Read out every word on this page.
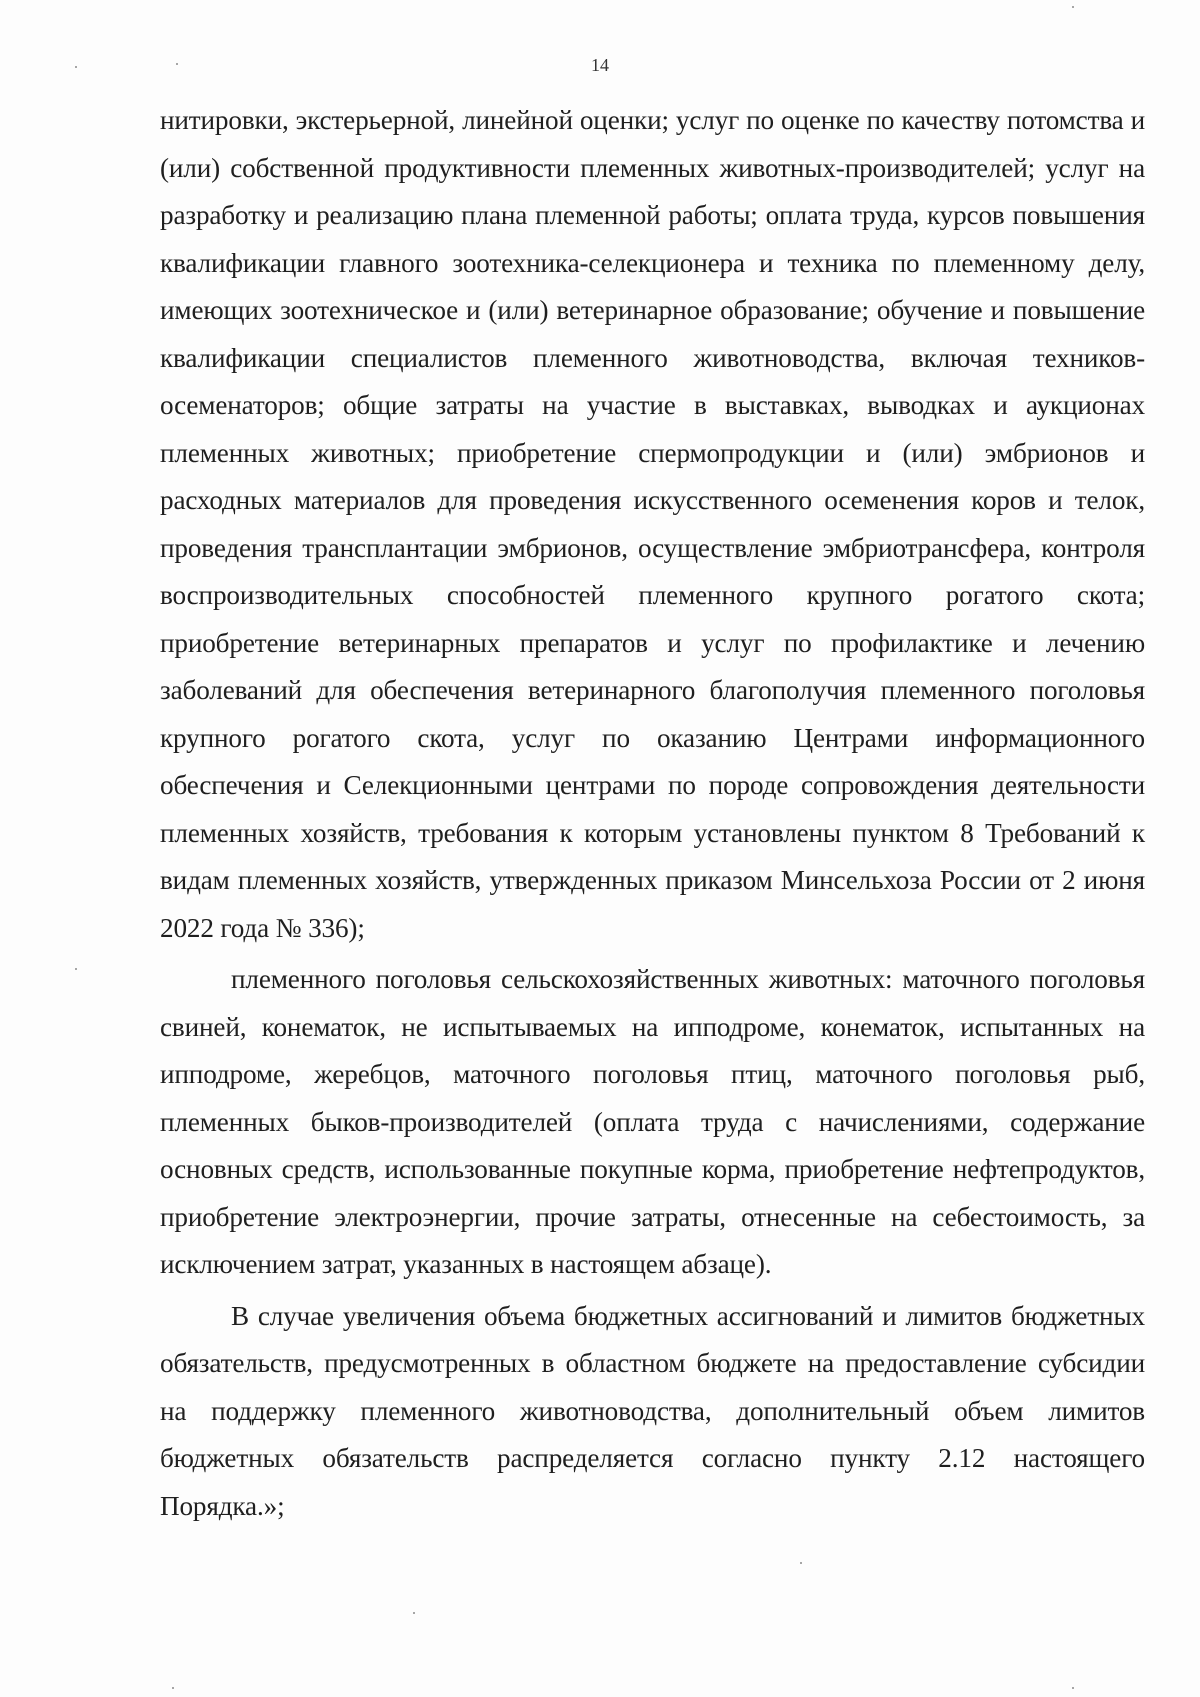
14

нитировки, экстерьерной, линейной оценки; услуг по оценке по качеству потомства и (или) собственной продуктивности племенных животных-производителей; услуг на разработку и реализацию плана племенной работы; оплата труда, курсов повышения квалификации главного зоотехника-селекционера и техника по племенному делу, имеющих зоотехническое и (или) ветеринарное образование; обучение и повышение квалификации специалистов племенного животноводства, включая техников-осеменаторов; общие затраты на участие в выставках, выводках и аукционах племенных животных; приобретение спермопродукции и (или) эмбрионов и расходных материалов для проведения искусственного осеменения коров и телок, проведения трансплантации эмбрионов, осуществление эмбриотрансфера, контроля воспроизводительных способностей племенного крупного рогатого скота; приобретение ветеринарных препаратов и услуг по профилактике и лечению заболеваний для обеспечения ветеринарного благополучия племенного поголовья крупного рогатого скота, услуг по оказанию Центрами информационного обеспечения и Селекционными центрами по породе сопровождения деятельности племенных хозяйств, требования к которым установлены пунктом 8 Требований к видам племенных хозяйств, утвержденных приказом Минсельхоза России от 2 июня 2022 года № 336);

племенного поголовья сельскохозяйственных животных: маточного поголовья свиней, конематок, не испытываемых на ипподроме, конематок, испытанных на ипподроме, жеребцов, маточного поголовья птиц, маточного поголовья рыб, племенных быков-производителей (оплата труда с начислениями, содержание основных средств, использованные покупные корма, приобретение нефтепродуктов, приобретение электроэнергии, прочие затраты, отнесенные на себестоимость, за исключением затрат, указанных в настоящем абзаце).

В случае увеличения объема бюджетных ассигнований и лимитов бюджетных обязательств, предусмотренных в областном бюджете на предоставление субсидии на поддержку племенного животноводства, дополнительный объем лимитов бюджетных обязательств распределяется согласно пункту 2.12 настоящего Порядка.»;
